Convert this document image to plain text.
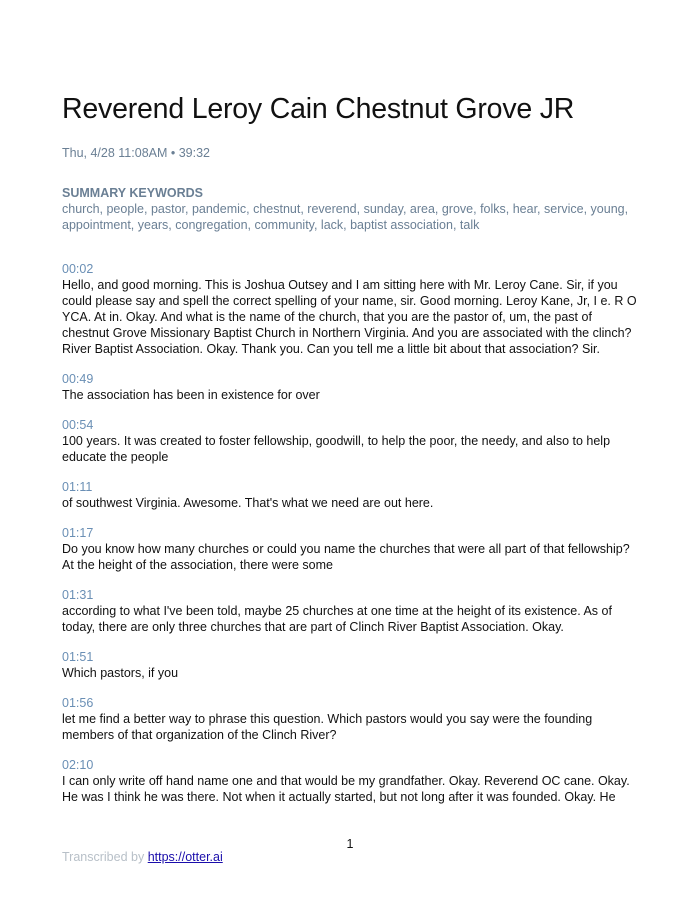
Reverend Leroy Cain Chestnut Grove JR
Thu, 4/28 11:08AM • 39:32
SUMMARY KEYWORDS
church, people, pastor, pandemic, chestnut, reverend, sunday, area, grove, folks, hear, service, young, appointment, years, congregation, community, lack, baptist association, talk
00:02
Hello, and good morning. This is Joshua Outsey and I am sitting here with Mr. Leroy Cane. Sir, if you could please say and spell the correct spelling of your name, sir. Good morning. Leroy Kane, Jr, I e. R O YCA. At in. Okay. And what is the name of the church, that you are the pastor of, um, the past of chestnut Grove Missionary Baptist Church in Northern Virginia. And you are associated with the clinch? River Baptist Association. Okay. Thank you. Can you tell me a little bit about that association? Sir.
00:49
The association has been in existence for over
00:54
100 years. It was created to foster fellowship, goodwill, to help the poor, the needy, and also to help educate the people
01:11
of southwest Virginia. Awesome. That's what we need are out here.
01:17
Do you know how many churches or could you name the churches that were all part of that fellowship? At the height of the association, there were some
01:31
according to what I've been told, maybe 25 churches at one time at the height of its existence. As of today, there are only three churches that are part of Clinch River Baptist Association. Okay.
01:51
Which pastors, if you
01:56
let me find a better way to phrase this question. Which pastors would you say were the founding members of that organization of the Clinch River?
02:10
I can only write off hand name one and that would be my grandfather. Okay. Reverend OC cane. Okay. He was I think he was there. Not when it actually started, but not long after it was founded. Okay. He
1
Transcribed by https://otter.ai
